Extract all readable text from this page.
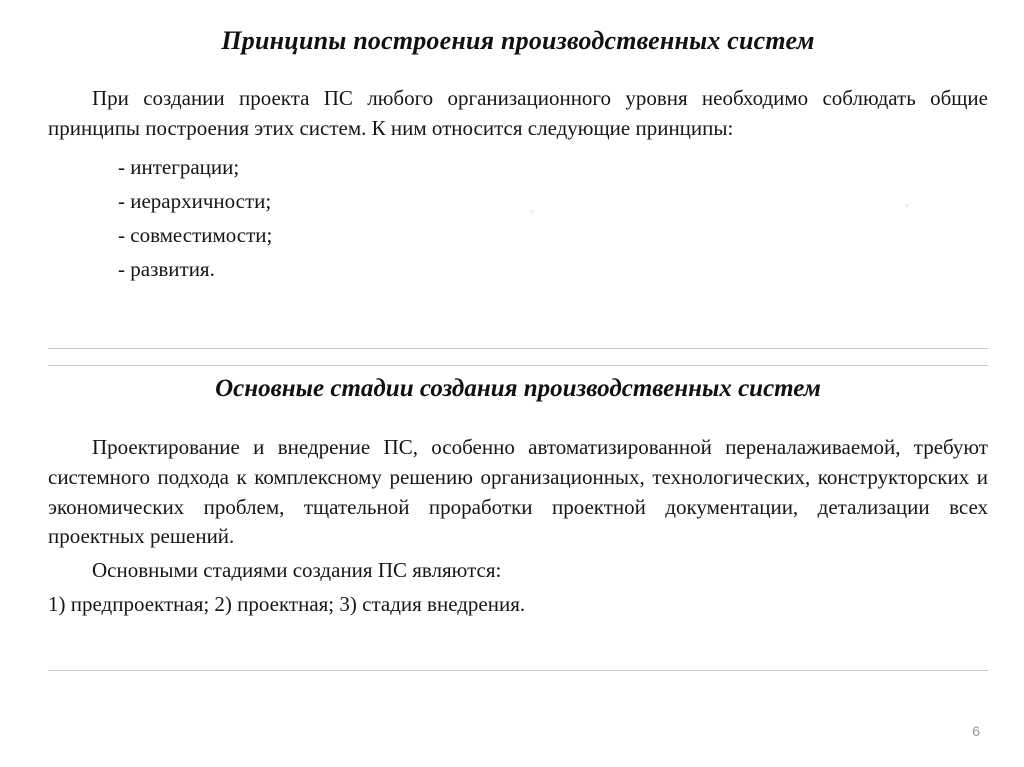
Принципы построения производственных систем

При создании проекта ПС любого организационного уровня необходимо соблюдать общие принципы построения этих систем. К ним относится следующие принципы:

- интеграции;
- иерархичности;
- совместимости;
- развития.
◦	◦
Основные стадии создания производственных систем

Проектирование и внедрение ПС, особенно автоматизированной переналаживаемой, требуют системного подхода к комплексному решению организационных, технологических, конструкторских и экономических проблем, тщательной проработки проектной документации, детализации всех проектных решений.

Основными стадиями создания ПС являются:

1) предпроектная; 2) проектная; 3) стадия внедрения.

6
